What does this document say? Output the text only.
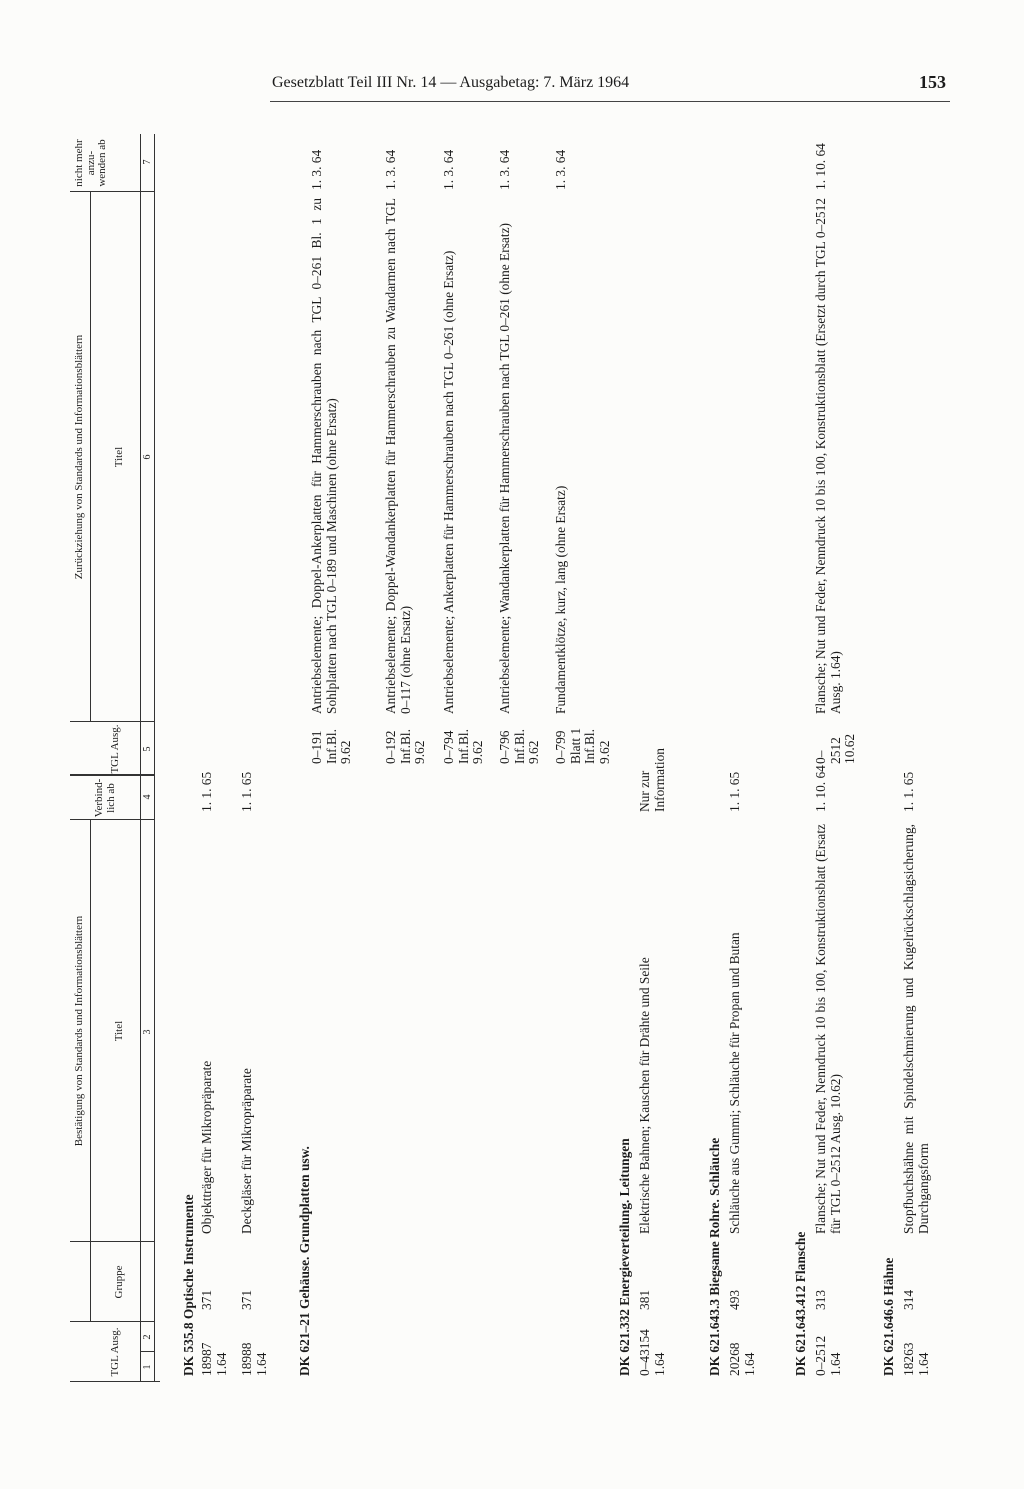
Gesetzblatt Teil III Nr. 14 — Ausgabetag: 7. März 1964	153
Bestätigung von Standards und Informationsblättern
Zurückziehung von Standards und Informationsblättern
TGL Ausg.
Gruppe
Titel
Verbind-lich ab
TGL Ausg.
Titel
nicht mehr anzu-wenden ab
1
2
3
4
5
6
7
DK 535.8 Optische Instrumente 18987 1.64
371
Objektträger für Mikropräparate
1. 1. 65
18988 1.64
371
Deckgläser für Mikropräparate
1. 1. 65
DK 621–21 Gehäuse. Grundplatten usw.
0–191
Inf.Bl. 9.62
Antriebselemente; Doppel-Ankerplatten für Hammerschrauben nach TGL 0–261 Bl. 1 zu Sohlplatten nach TGL 0–189 und Maschinen (ohne Ersatz)
1. 3. 64
0–192
Inf.Bl. 9.62
Antriebselemente; Doppel-Wandankerplatten für Hammerschrauben zu Wandarmen nach TGL 0–117 (ohne Ersatz)
1. 3. 64
0–794
Inf.Bl. 9.62
Antriebselemente; Ankerplatten für Hammerschrauben nach TGL 0–261 (ohne Ersatz)
1. 3. 64
0–796
Inf.Bl. 9.62
Antriebselemente; Wandankerplatten für Hammerschrauben nach TGL 0–261 (ohne Ersatz)
1. 3. 64
0–799
Blatt 1 Inf.Bl. 9.62
Fundamentklötze, kurz, lang (ohne Ersatz)
1. 3. 64
DK 621.332 Energieverteilung. Leitungen 0–43154 1.64
381
Elektrische Bahnen; Kauschen für Drähte und Seile
Nur zur Information
DK 621.643.3 Biegsame Rohre. Schläuche 20268 1.64
493
Schläuche aus Gummi; Schläuche für Propan und Butan
1. 1. 65
DK 621.643.412 Flansche 0–2512 1.64
313
Flansche; Nut und Feder, Nenndruck 10 bis 100, Konstruktionsblatt (Ersatz für TGL 0–2512 Ausg. 10.62)
1. 10. 64
0–2512
10.62
Flansche; Nut und Feder, Nenndruck 10 bis 100, Konstruktionsblatt (Ersetzt durch TGL 0–2512 Ausg. 1.64)
1. 10. 64
DK 621.646.6 Hähne 18263 1.64
314
Stopfbuchshähne mit Spindelschmierung und Kugelrückschlagsicherung, Durchgangsform
1. 1. 65
